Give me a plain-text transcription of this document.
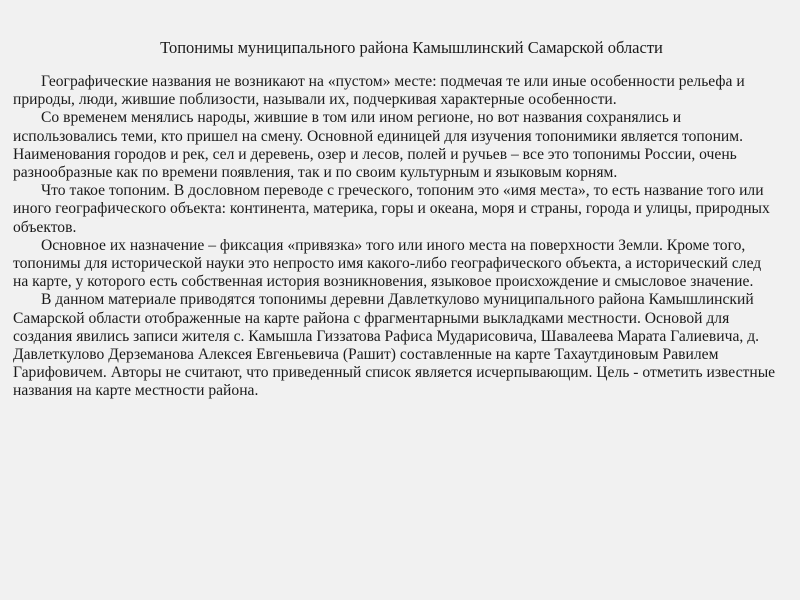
Топонимы муниципального района Камышлинский Самарской области

Географические названия не возникают на «пустом» месте: подмечая те или иные особенности рельефа и природы, люди, жившие поблизости, называли их, подчеркивая характерные особенности.

Со временем менялись народы, жившие в том или ином регионе, но вот названия сохранялись и использовались теми, кто пришел на смену. Основной единицей для изучения топонимики является топоним. Наименования городов и рек, сел и деревень, озер и лесов, полей и ручьев – все это топонимы России, очень разнообразные как по времени появления, так и по своим культурным и языковым корням.

Что такое топоним. В дословном переводе с греческого, топоним это «имя места», то есть название того или иного географического объекта: континента, материка, горы и океана, моря и страны, города и улицы, природных объектов.

Основное их назначение – фиксация «привязка» того или иного места на поверхности Земли. Кроме того, топонимы для исторической науки это непросто имя какого-либо географического объекта, а исторический след на карте, у которого есть собственная история возникновения, языковое происхождение и смысловое значение.

В данном материале приводятся топонимы деревни Давлеткулово муниципального района Камышлинский Самарской области отображенные на карте района с фрагментарными выкладками местности. Основой для создания явились записи жителя с. Камышла Гиззатова Рафиса Мударисовича, Шавалеева Марата Галиевича, д. Давлеткулово Дерземанова Алексея Евгеньевича (Рашит) составленные на карте Тахаутдиновым Равилем Гарифовичем. Авторы не считают, что приведенный список является исчерпывающим. Цель - отметить известные названия на карте местности района.
